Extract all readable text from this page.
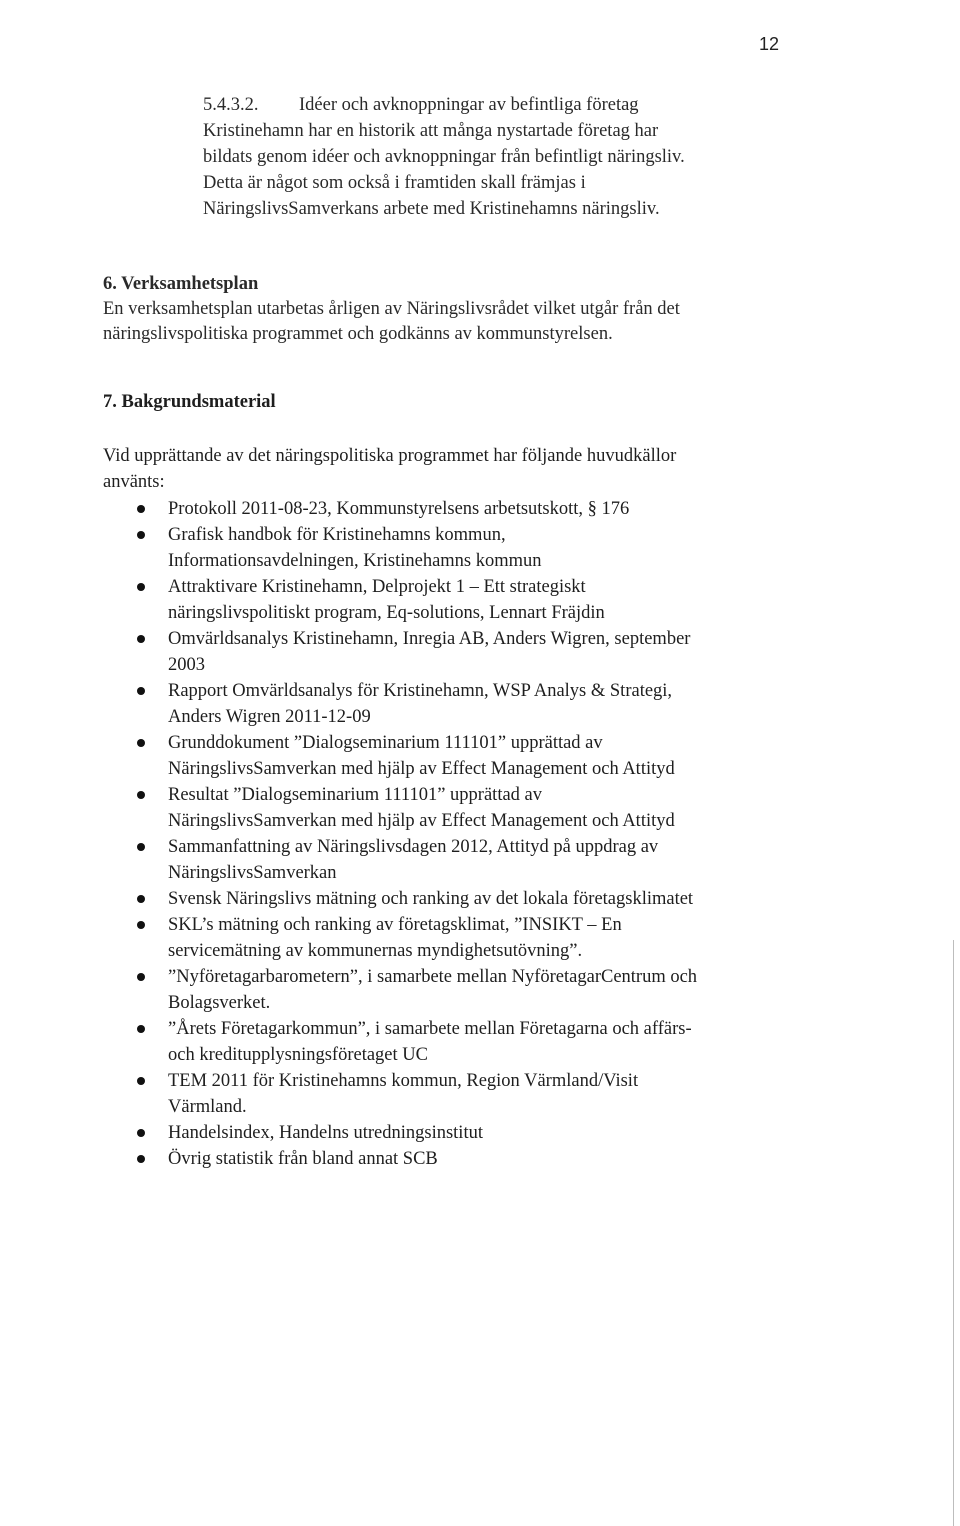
12
5.4.3.2. Idéer och avknoppningar av befintliga företag
Kristinehamn har en historik att många nystartade företag har
bildats genom idéer och avknoppningar från befintligt näringsliv.
Detta är något som också i framtiden skall främjas i
NäringslivsSamverkans arbete med Kristinehamns näringsliv.
6. Verksamhetsplan
En verksamhetsplan utarbetas årligen av Näringslivsrådet vilket utgår från det
näringslivspolitiska programmet och godkänns av kommunstyrelsen.
7. Bakgrundsmaterial
Vid upprättande av det näringspolitiska programmet har följande huvudkällor
använts:
Protokoll 2011-08-23, Kommunstyrelsens arbetsutskott, § 176
Grafisk handbok för Kristinehamns kommun,
Informationsavdelningen, Kristinehamns kommun
Attraktivare Kristinehamn, Delprojekt 1 – Ett strategiskt
näringslivspolitiskt program, Eq-solutions, Lennart Fräjdin
Omvärldsanalys Kristinehamn, Inregia AB, Anders Wigren, september
2003
Rapport Omvärldsanalys för Kristinehamn, WSP Analys & Strategi,
Anders Wigren 2011-12-09
Grunddokument ”Dialogseminarium 111101” upprättad av
NäringslivsSamverkan med hjälp av Effect Management och Attityd
Resultat ”Dialogseminarium 111101” upprättad av
NäringslivsSamverkan med hjälp av Effect Management och Attityd
Sammanfattning av Näringslivsdagen 2012, Attityd på uppdrag av
NäringslivsSamverkan
Svensk Näringslivs mätning och ranking av det lokala företagsklimatet
SKL’s mätning och ranking av företagsklimat, ”INSIKT – En
servicemätning av kommunernas myndighetsutövning”.
”Nyföretagarbarometern”, i samarbete mellan NyföretagarCentrum och
Bolagsverket.
”Årets Företagarkommun”, i samarbete mellan Företagarna och affärs-
och kreditupplysningsföretaget UC
TEM 2011 för Kristinehamns kommun, Region Värmland/Visit
Värmland.
Handelsindex, Handelns utredningsinstitut
Övrig statistik från bland annat SCB
